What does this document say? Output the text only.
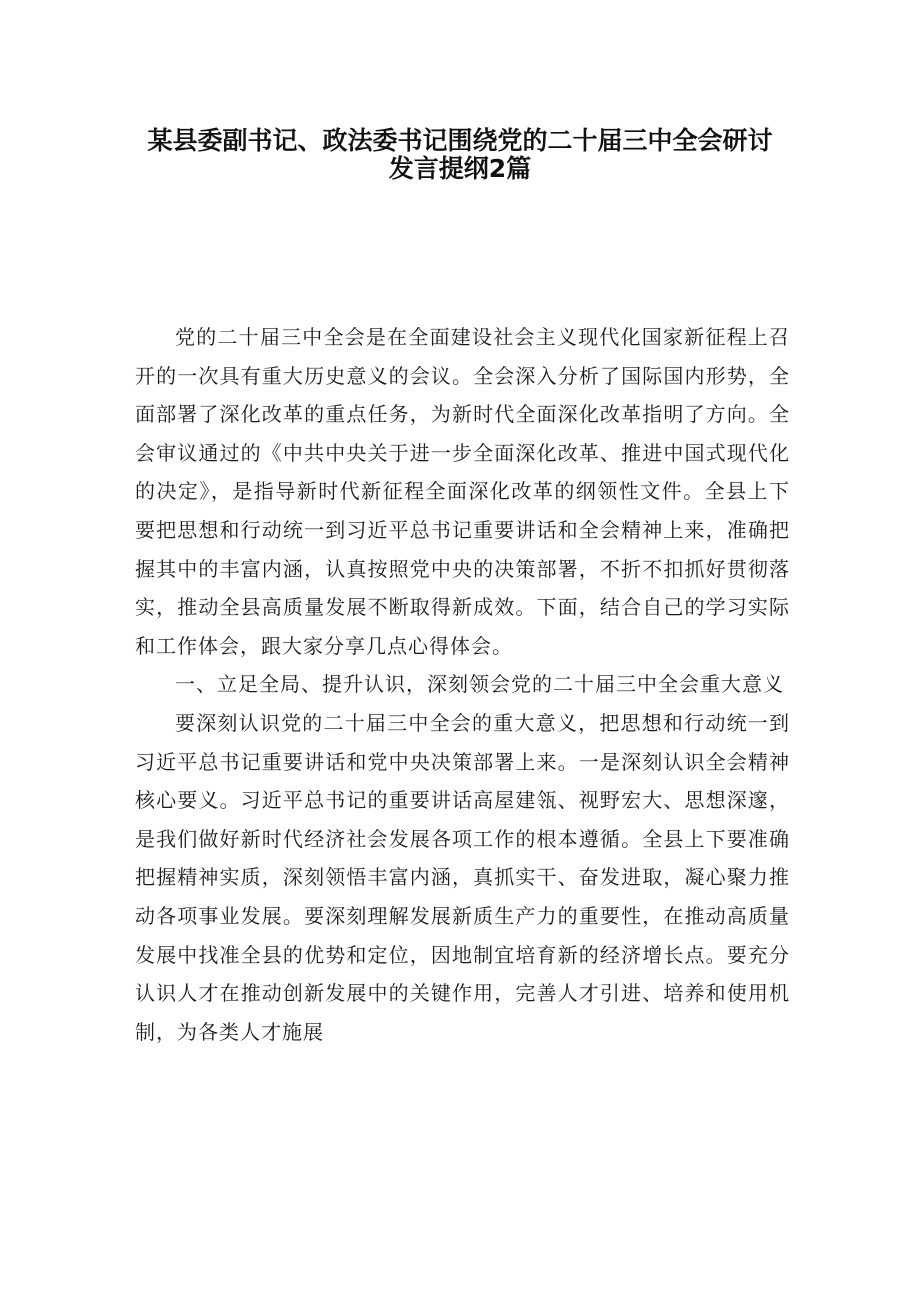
某县委副书记、政法委书记围绕党的二十届三中全会研讨
发言提纲2篇

党的二十届三中全会是在全面建设社会主义现代化国家新征程上召开的一次具有重大历史意义的会议。全会深入分析了国际国内形势，全面部署了深化改革的重点任务，为新时代全面深化改革指明了方向。全会审议通过的《中共中央关于进一步全面深化改革、推进中国式现代化的决定》，是指导新时代新征程全面深化改革的纲领性文件。全县上下要把思想和行动统一到习近平总书记重要讲话和全会精神上来，准确把握其中的丰富内涵，认真按照党中央的决策部署，不折不扣抓好贯彻落实，推动全县高质量发展不断取得新成效。下面，结合自己的学习实际和工作体会，跟大家分享几点心得体会。

一、立足全局、提升认识，深刻领会党的二十届三中全会重大意义

要深刻认识党的二十届三中全会的重大意义，把思想和行动统一到习近平总书记重要讲话和党中央决策部署上来。一是深刻认识全会精神核心要义。习近平总书记的重要讲话高屋建瓴、视野宏大、思想深邃，是我们做好新时代经济社会发展各项工作的根本遵循。全县上下要准确把握精神实质，深刻领悟丰富内涵，真抓实干、奋发进取，凝心聚力推动各项事业发展。要深刻理解发展新质生产力的重要性，在推动高质量发展中找准全县的优势和定位，因地制宜培育新的经济增长点。要充分认识人才在推动创新发展中的关键作用，完善人才引进、培养和使用机制，为各类人才施展
